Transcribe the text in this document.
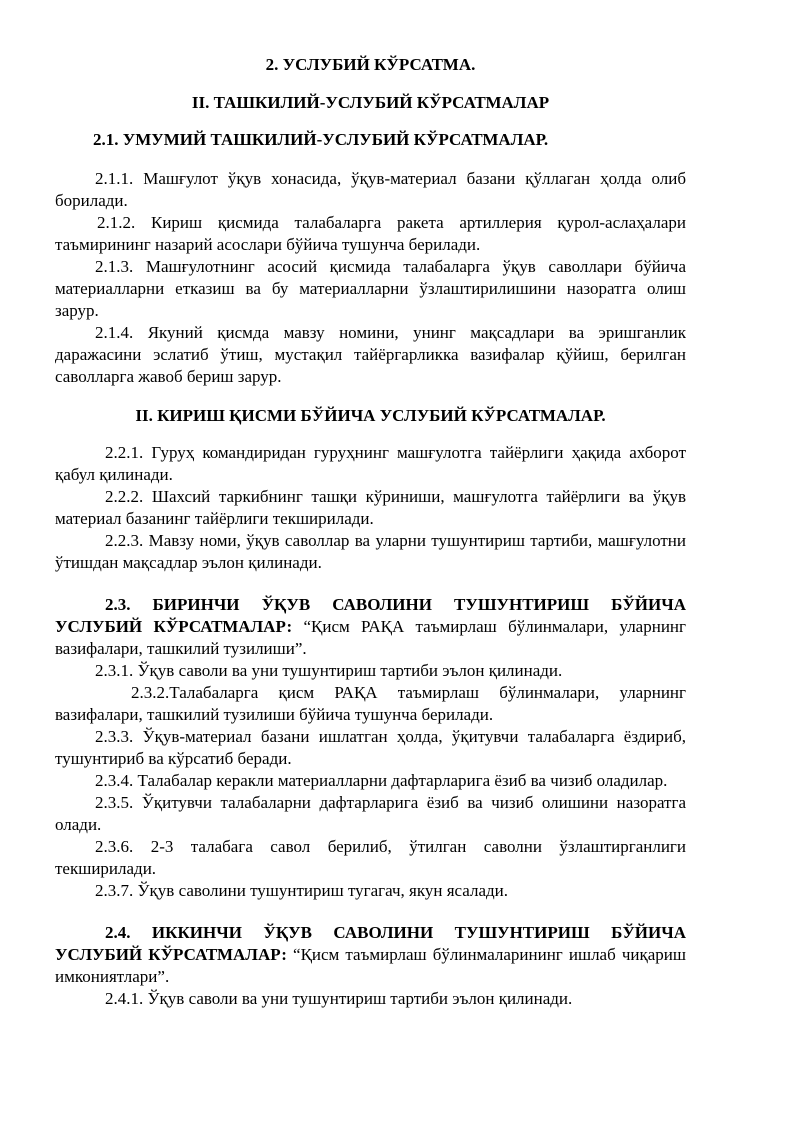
2. УСЛУБИЙ КЎРСАТМА.
II. ТАШКИЛИЙ-УСЛУБИЙ КЎРСАТМАЛАР
2.1. УМУМИЙ ТАШКИЛИЙ-УСЛУБИЙ КЎРСАТМАЛАР.

2.1.1. Машғулот ўқув хонасида, ўқув-материал базани қўллаган ҳолда олиб борилади.

2.1.2. Кириш қисмида талабаларга ракета артиллерия қурол-аслаҳалари таъмирининг назарий асослари бўйича тушунча берилади.

2.1.3. Машғулотнинг асосий қисмида талабаларга ўқув саволлари бўйича материалларни етказиш ва бу материалларни ўзлаштирилишини назоратга олиш зарур.

2.1.4. Якуний қисмда мавзу номини, унинг мақсадлари ва эришганлик даражасини эслатиб ўтиш, мустақил тайёргарликка вазифалар қўйиш, берилган саволларга жавоб бериш зарур.

II. КИРИШ ҚИСМИ БЎЙИЧА УСЛУБИЙ КЎРСАТМАЛАР.

2.2.1. Гуруҳ командиридан гуруҳнинг машғулотга тайёрлиги ҳақида ахборот қабул қилинади.

2.2.2. Шахсий таркибнинг ташқи кўриниши, машғулотга тайёрлиги ва ўқув материал базанинг тайёрлиги текширилади.

2.2.3. Мавзу номи, ўқув саволлар ва уларни тушунтириш тартиби, машғулотни ўтишдан мақсадлар эълон қилинади.

2.3. БИРИНЧИ ЎҚУВ САВОЛИНИ ТУШУНТИРИШ БЎЙИЧА УСЛУБИЙ КЎРСАТМАЛАР: “Қисм РАҚА таъмирлаш бўлинмалари, уларнинг вазифалари, ташкилий тузилиши”.

2.3.1. Ўқув саволи ва уни тушунтириш тартиби эълон қилинади.

2.3.2.Талабаларга қисм РАҚА таъмирлаш бўлинмалари, уларнинг вазифалари, ташкилий тузилиши бўйича тушунча берилади.

2.3.3. Ўқув-материал базани ишлатган ҳолда, ўқитувчи талабаларга ёздириб, тушунтириб ва кўрсатиб беради.

2.3.4. Талабалар керакли материалларни дафтарларига ёзиб ва чизиб оладилар.

2.3.5. Ўқитувчи талабаларни дафтарларига ёзиб ва чизиб олишини назоратга олади.

2.3.6. 2-3 талабага савол берилиб, ўтилган саволни ўзлаштирганлиги текширилади.

2.3.7. Ўқув саволини тушунтириш тугагач, якун ясалади.

2.4. ИККИНЧИ ЎҚУВ САВОЛИНИ ТУШУНТИРИШ БЎЙИЧА УСЛУБИЙ КЎРСАТМАЛАР: “Қисм таъмирлаш бўлинмаларининг ишлаб чиқариш имкониятлари”.

2.4.1. Ўқув саволи ва уни тушунтириш тартиби эълон қилинади.
